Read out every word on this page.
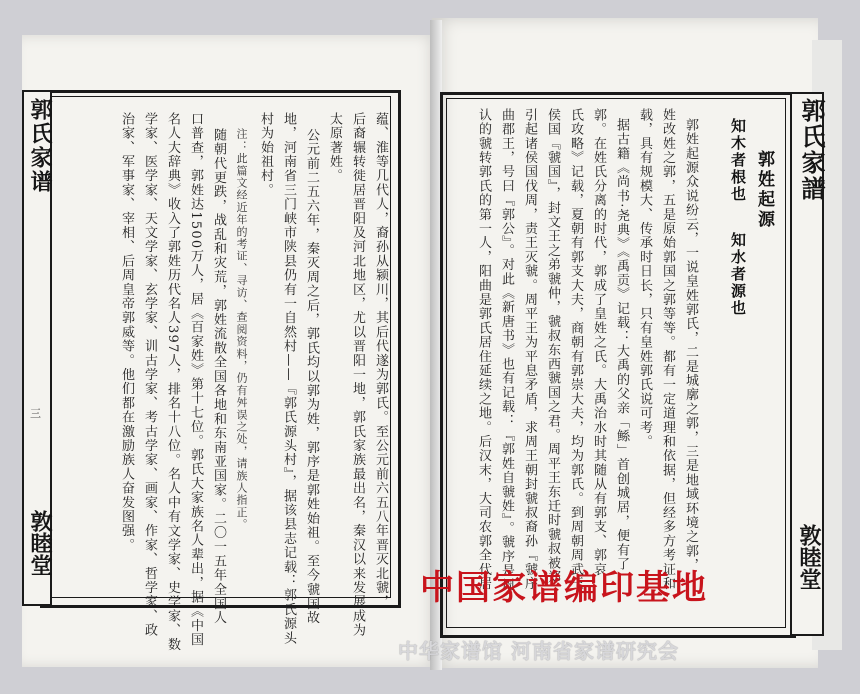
郭氏家谱
敦睦堂
三	蕴、淮等几代人，裔孙从颍川，其后代遂为郭氏。至公元前六五八年晋灭北虢，
后裔辗转徙居晋阳及河北地区，尤以晋阳一地，郭氏家族最出名，秦汉以来发展成为
太原著姓。
公元前二五六年，秦灭周之后，郭氏均以郭为姓，郭序是郭姓始祖。至今虢国故
地，河南省三门峡市陕县仍有一自然村——『郭氏源头村』，据该县志记载：郭氏源头
村为始祖村。
注：此篇文经近年的考证、寻访、查阅资料，仍有舛误之处，请族人指正。
随朝代更跌，战乱和灾荒，郭姓流散全国各地和东南亚国家。二〇一五年全国人
口普查，郭姓达1500万人，居《百家姓》第十七位。郭氏大家族名人辈出，据《中国
名人大辞典》收入了郭姓历代名人397人，排名十八位。名人中有文学家、史学家、数
学家、医学家、天文学家、玄学家、训古学家、考古学家、画家、作家、哲学家、政
治家、军事家、宰相、后周皇帝郭威等。他们都在激励族人奋发图强。	郭氏家譜
敦睦堂
郭姓起源
知木者根也
知水者源也
郭姓起源众说纷云，一说皇姓郭氏，二是城廓之郭，三是地域环境之郭，
姓改姓之郭，五是原始郭国之郭等等。都有一定道理和依据，但经多方考证和
载，具有规模大、传承时日长，只有皇姓郭氏说可考。
据古籍《尚书·尧典》《禹贡》记载：大禹的父亲「鲧」首创城居，便有了
郭。在姓氏分离的时代，郭成了皇姓之氏。大禹治水时其随从有郭支、郭哀，
氏攻略》记载，夏朝有郭支大夫，商朝有郭崇大夫，均为郭氏。到周朝周武王
侯国『虢国』，封文王之弟虢仲，虢叔东西虢国之君。周平王东迁时虢叔被郑
引起诸侯国伐周，责王灭虢。周平王为平息矛盾，求周王朝封虢叔裔孙『虢序
曲郡王，号曰『郭公』。对此《新唐书》也有记载：『郭姓自虢姓』。虢序是周
认的虢转郭氏的第一人，阳曲是郭氏居住延续之地。后汉末，大司农郭全代居
中国家谱编印基地
中华家谱馆 河南省家谱研究会
